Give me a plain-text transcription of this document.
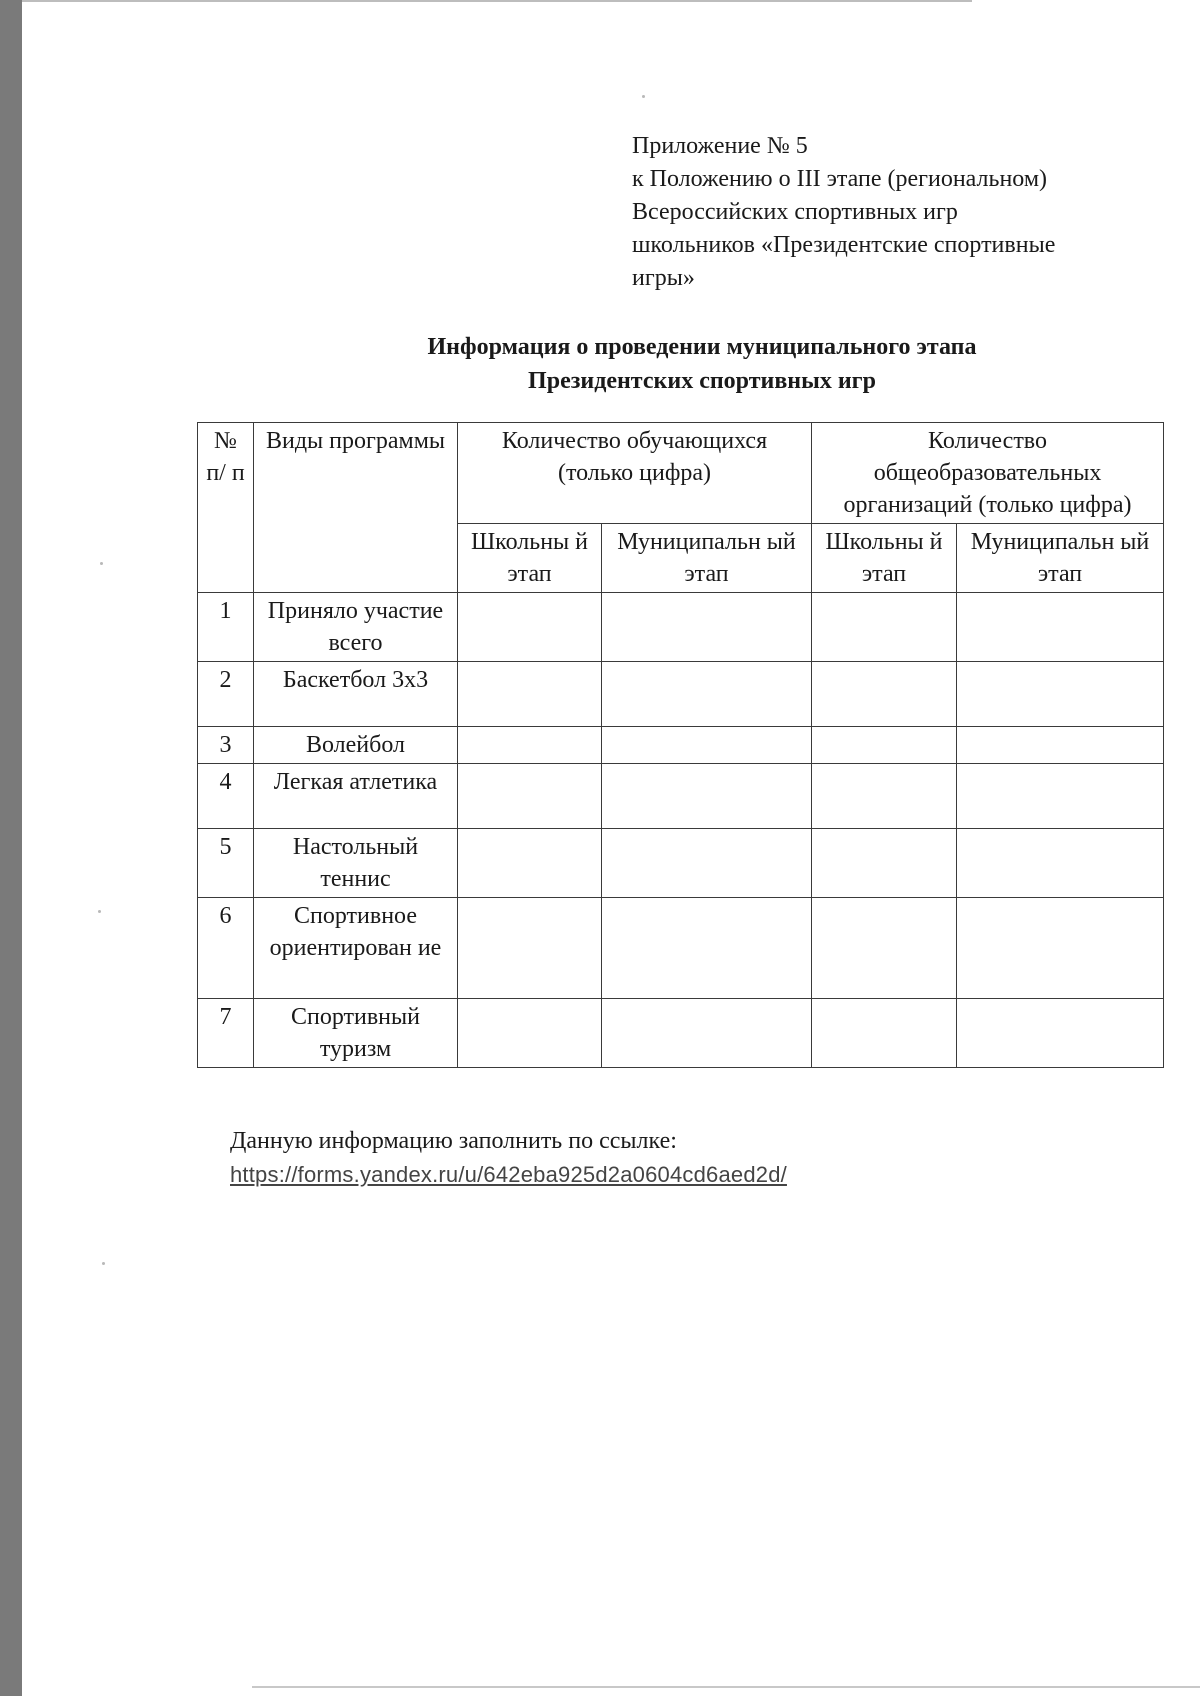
Приложение № 5
к Положению о III этапе (региональном)
Всероссийских спортивных игр
школьников «Президентские спортивные
игры»
Информация о проведении муниципального этапа
Президентских спортивных игр
№ п/ п	Виды программы	Количество обучающихся (только цифра)		Количество общеобразовательных организаций (только цифра)	
		Школьны й этап	Муниципальн ый этап	Школьны й этап	Муниципальн ый этап
1	Приняло участие всего				
2	Баскетбол 3x3				
3	Волейбол				
4	Легкая атлетика				
5	Настольный теннис				
6	Спортивное ориентирован ие				
7	Спортивный туризм				
Данную информацию заполнить по ссылке:
https://forms.yandex.ru/u/642eba925d2a0604cd6aed2d/
